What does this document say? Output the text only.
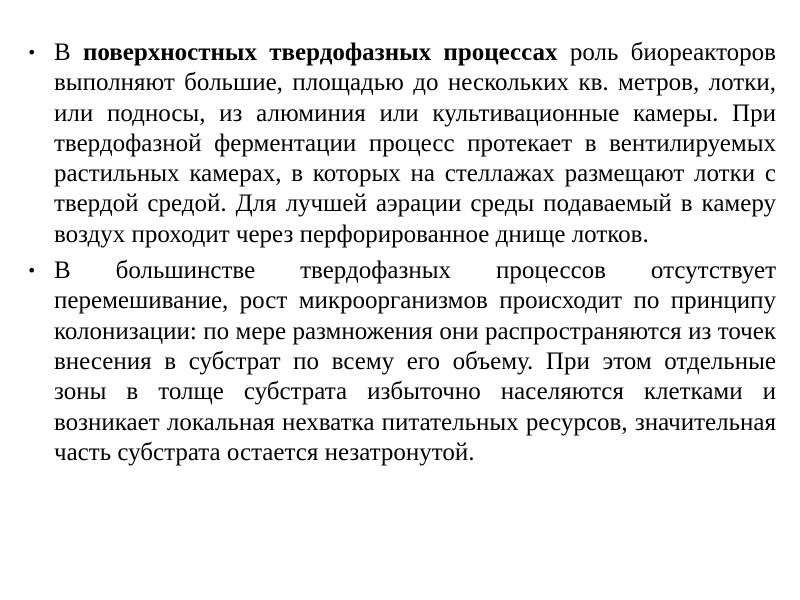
• В поверхностных твердофазных процессах роль биореакторов выполняют большие, площадью до нескольких кв. метров, лотки, или подносы, из алюминия или культивационные камеры. При твердофазной ферментации процесс протекает в вентилируемых растильных камерах, в которых на стеллажах размещают лотки с твердой средой. Для лучшей аэрации среды подаваемый в камеру воздух проходит через перфорированное днище лотков.
• В большинстве твердофазных процессов отсутствует перемешивание, рост микроорганизмов происходит по принципу колонизации: по мере размножения они распространяются из точек внесения в субстрат по всему его объему. При этом отдельные зоны в толще субстрата избыточно населяются клетками и возникает локальная нехватка питательных ресурсов, значительная часть субстрата остается незатронутой.
